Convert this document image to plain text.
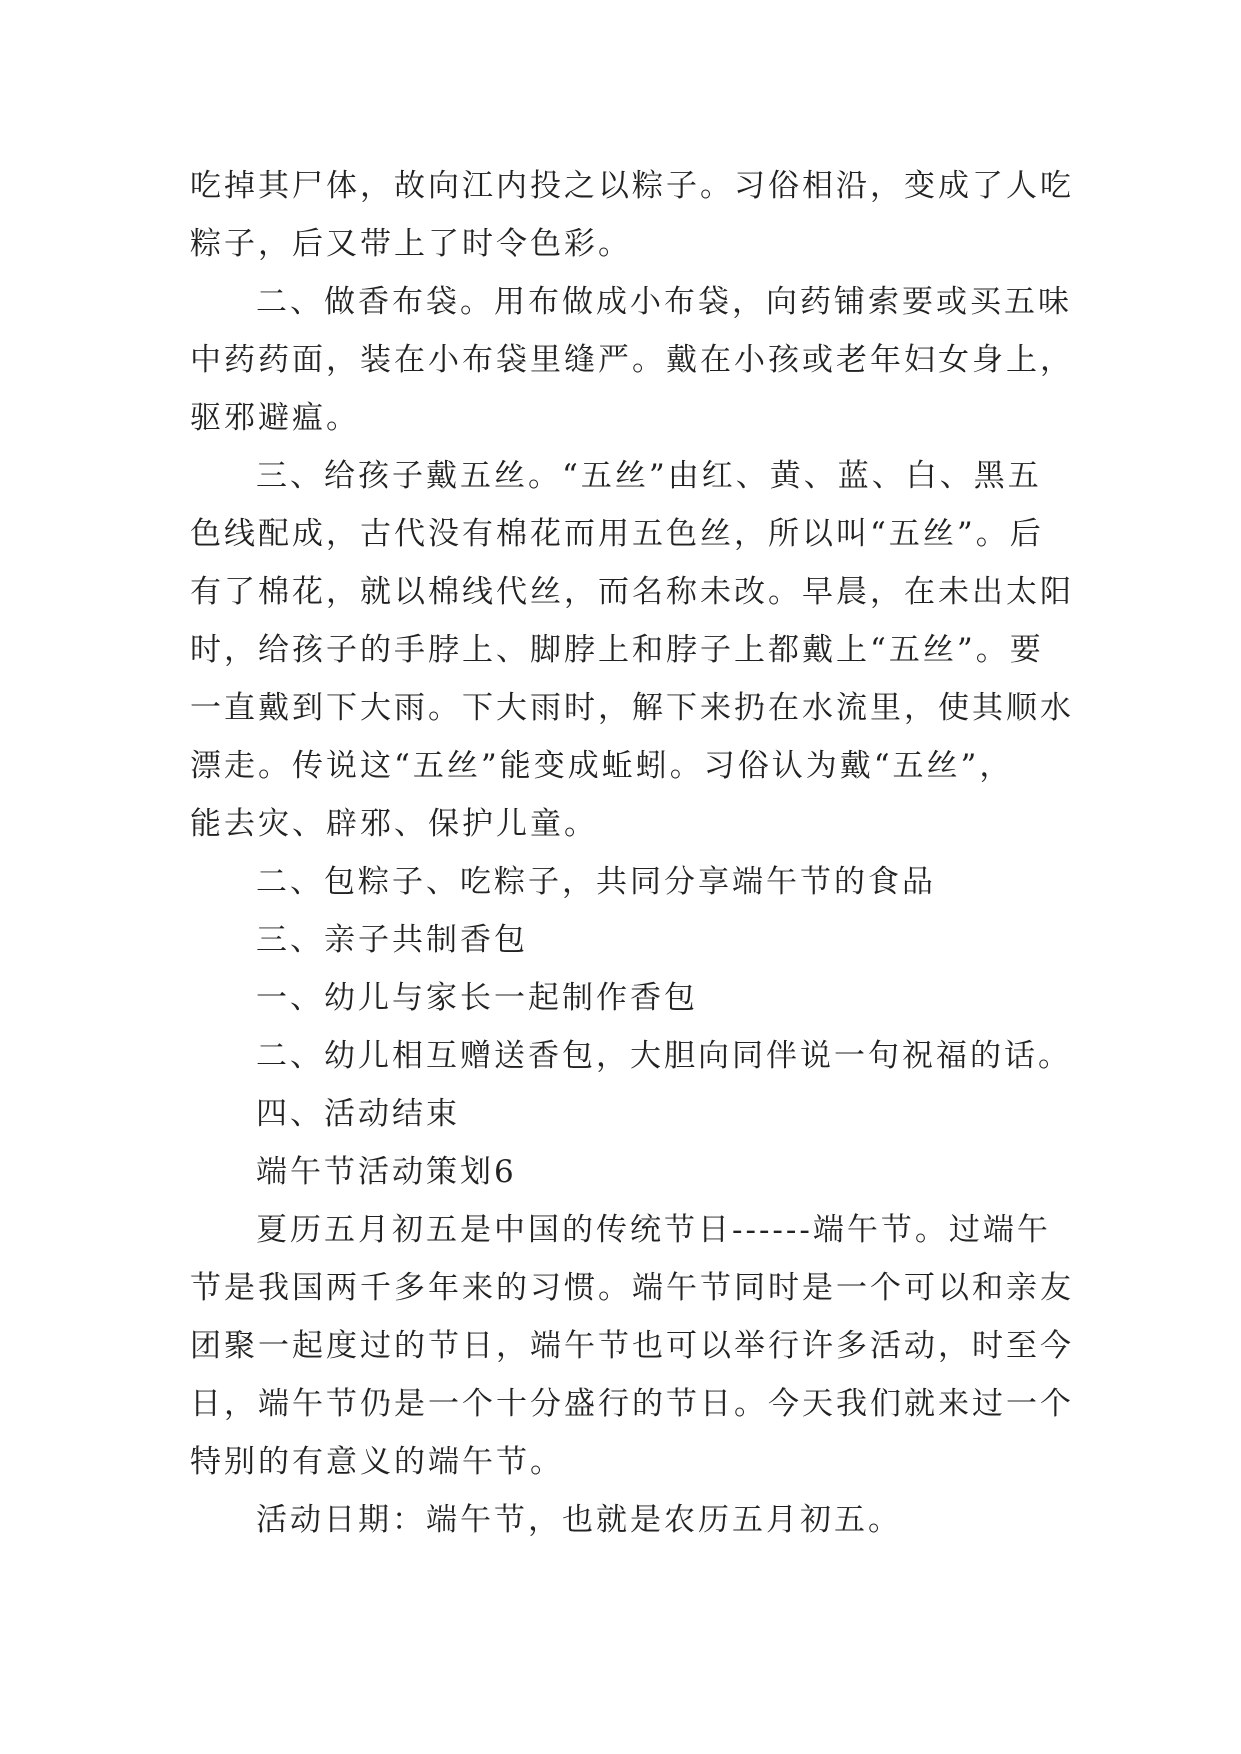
吃掉其尸体，故向江内投之以粽子。习俗相沿，变成了人吃
粽子，后又带上了时令色彩。

二、做香布袋。用布做成小布袋，向药铺索要或买五味
中药药面，装在小布袋里缝严。戴在小孩或老年妇女身上，
驱邪避瘟。

三、给孩子戴五丝。“五丝”由红、黄、蓝、白、黑五
色线配成，古代没有棉花而用五色丝，所以叫“五丝”。后
有了棉花，就以棉线代丝，而名称未改。早晨，在未出太阳
时，给孩子的手脖上、脚脖上和脖子上都戴上“五丝”。要
一直戴到下大雨。下大雨时，解下来扔在水流里，使其顺水
漂走。传说这“五丝”能变成蚯蚓。习俗认为戴“五丝”，
能去灾、辟邪、保护儿童。

二、包粽子、吃粽子，共同分享端午节的食品

三、亲子共制香包

一、幼儿与家长一起制作香包

二、幼儿相互赠送香包，大胆向同伴说一句祝福的话。

四、活动结束

端午节活动策划6

夏历五月初五是中国的传统节日------端午节。过端午
节是我国两千多年来的习惯。端午节同时是一个可以和亲友
团聚一起度过的节日，端午节也可以举行许多活动，时至今
日，端午节仍是一个十分盛行的节日。今天我们就来过一个
特别的有意义的端午节。

活动日期：端午节，也就是农历五月初五。
